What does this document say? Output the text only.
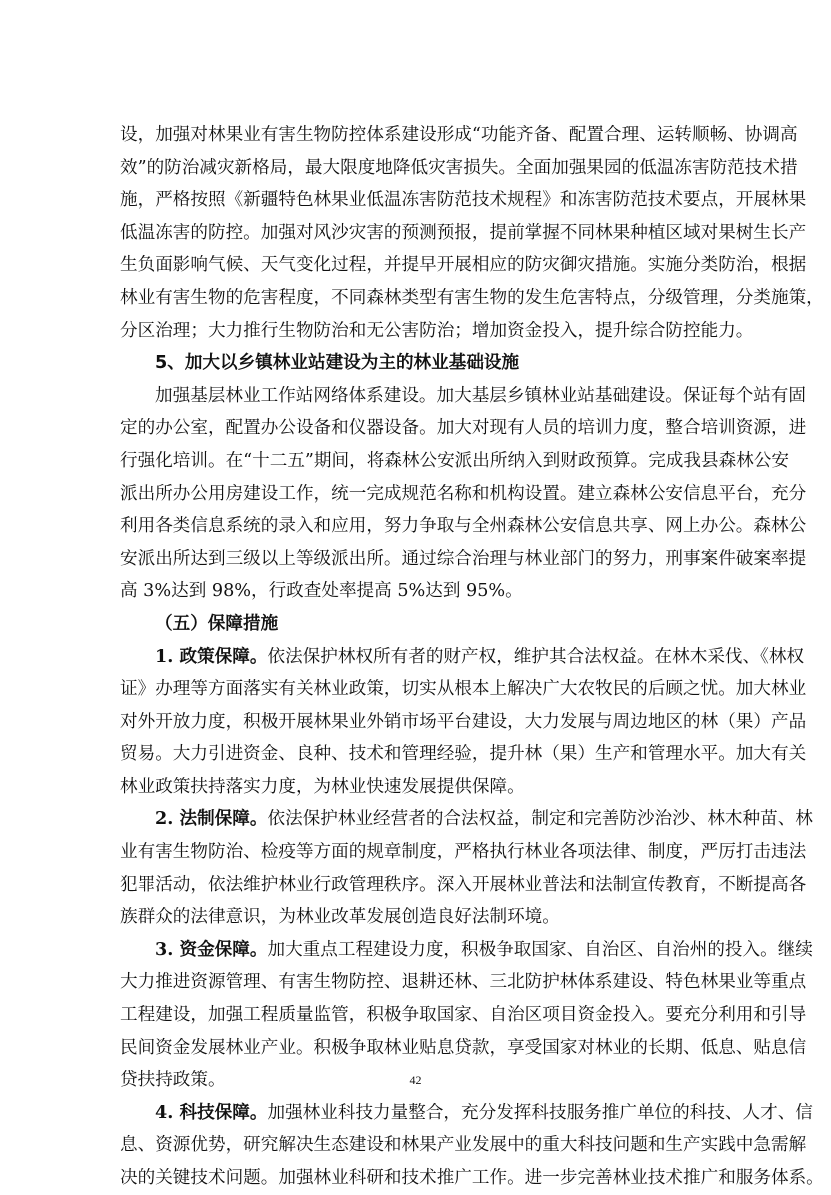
设，加强对林果业有害生物防控体系建设形成“功能齐备、配置合理、运转顺畅、协调高
效”的防治减灾新格局，最大限度地降低灾害损失。全面加强果园的低温冻害防范技术措
施，严格按照《新疆特色林果业低温冻害防范技术规程》和冻害防范技术要点，开展林果
低温冻害的防控。加强对风沙灾害的预测预报，提前掌握不同林果种植区域对果树生长产
生负面影响气候、天气变化过程，并提早开展相应的防灾御灾措施。实施分类防治，根据
林业有害生物的危害程度，不同森林类型有害生物的发生危害特点，分级管理，分类施策，
分区治理；大力推行生物防治和无公害防治；增加资金投入，提升综合防控能力。
5、加大以乡镇林业站建设为主的林业基础设施
加强基层林业工作站网络体系建设。加大基层乡镇林业站基础建设。保证每个站有固
定的办公室，配置办公设备和仪器设备。加大对现有人员的培训力度，整合培训资源，进
行强化培训。在“十二五”期间，将森林公安派出所纳入到财政预算。完成我县森林公安
派出所办公用房建设工作，统一完成规范名称和机构设置。建立森林公安信息平台，充分
利用各类信息系统的录入和应用，努力争取与全州森林公安信息共享、网上办公。森林公
安派出所达到三级以上等级派出所。通过综合治理与林业部门的努力，刑事案件破案率提
高 3%达到 98%，行政查处率提高 5%达到 95%。
（五）保障措施
1. 政策保障。依法保护林权所有者的财产权，维护其合法权益。在林木采伐、《林权
证》办理等方面落实有关林业政策，切实从根本上解决广大农牧民的后顾之忧。加大林业
对外开放力度，积极开展林果业外销市场平台建设，大力发展与周边地区的林（果）产品
贸易。大力引进资金、良种、技术和管理经验，提升林（果）生产和管理水平。加大有关
林业政策扶持落实力度，为林业快速发展提供保障。
2. 法制保障。依法保护林业经营者的合法权益，制定和完善防沙治沙、林木种苗、林
业有害生物防治、检疫等方面的规章制度，严格执行林业各项法律、制度，严厉打击违法
犯罪活动，依法维护林业行政管理秩序。深入开展林业普法和法制宣传教育，不断提高各
族群众的法律意识，为林业改革发展创造良好法制环境。
3. 资金保障。加大重点工程建设力度，积极争取国家、自治区、自治州的投入。继续
大力推进资源管理、有害生物防控、退耕还林、三北防护林体系建设、特色林果业等重点
工程建设，加强工程质量监管，积极争取国家、自治区项目资金投入。要充分利用和引导
民间资金发展林业产业。积极争取林业贴息贷款，享受国家对林业的长期、低息、贴息信
贷扶持政策。
4. 科技保障。加强林业科技力量整合，充分发挥科技服务推广单位的科技、人才、信
息、资源优势，研究解决生态建设和林果产业发展中的重大科技问题和生产实践中急需解
决的关键技术问题。加强林业科研和技术推广工作。进一步完善林业技术推广和服务体系。
42
